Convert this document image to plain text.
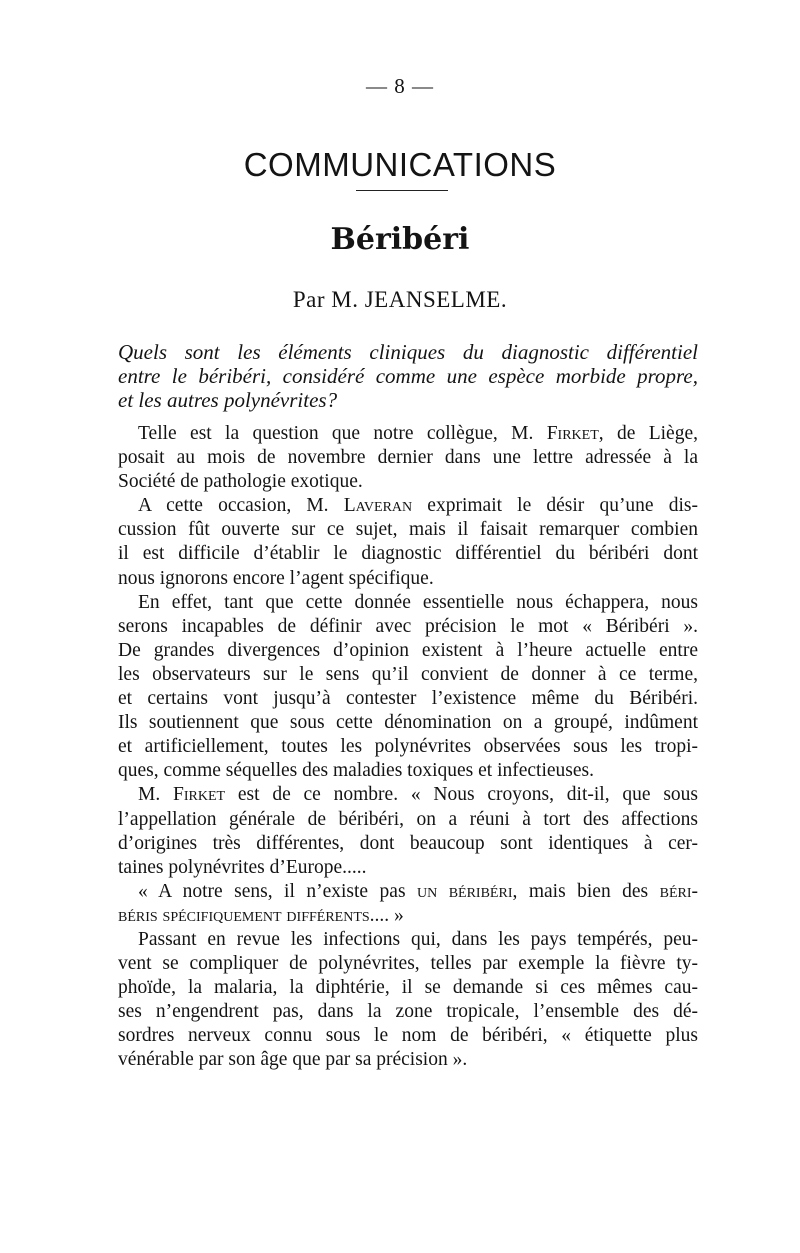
— 8 —
COMMUNICATIONS
Béribéri
Par M. JEANSELME.
Quels sont les éléments cliniques du diagnostic différentiel
entre le béribéri, considéré comme une espèce morbide propre,
et les autres polynévrites?
Telle est la question que notre collègue, M. Firket, de Liège,
posait au mois de novembre dernier dans une lettre adressée à la
Société de pathologie exotique.
A cette occasion, M. Laveran exprimait le désir qu’une dis-
cussion fût ouverte sur ce sujet, mais il faisait remarquer combien
il est difficile d’établir le diagnostic différentiel du béribéri dont
nous ignorons encore l’agent spécifique.
En effet, tant que cette donnée essentielle nous échappera, nous
serons incapables de définir avec précision le mot « Béribéri ».
De grandes divergences d’opinion existent à l’heure actuelle entre
les observateurs sur le sens qu’il convient de donner à ce terme,
et certains vont jusqu’à contester l’existence même du Béribéri.
Ils soutiennent que sous cette dénomination on a groupé, indûment
et artificiellement, toutes les polynévrites observées sous les tropi-
ques, comme séquelles des maladies toxiques et infectieuses.
M. Firket est de ce nombre. « Nous croyons, dit-il, que sous
l’appellation générale de béribéri, on a réuni à tort des affections
d’origines très différentes, dont beaucoup sont identiques à cer-
taines polynévrites d’Europe.....
« A notre sens, il n’existe pas un béribéri, mais bien des béri-
béris spécifiquement différents.... »
Passant en revue les infections qui, dans les pays tempérés, peu-
vent se compliquer de polynévrites, telles par exemple la fièvre ty-
phoïde, la malaria, la diphtérie, il se demande si ces mêmes cau-
ses n’engendrent pas, dans la zone tropicale, l’ensemble des dé-
sordres nerveux connu sous le nom de béribéri, « étiquette plus
vénérable par son âge que par sa précision ».
